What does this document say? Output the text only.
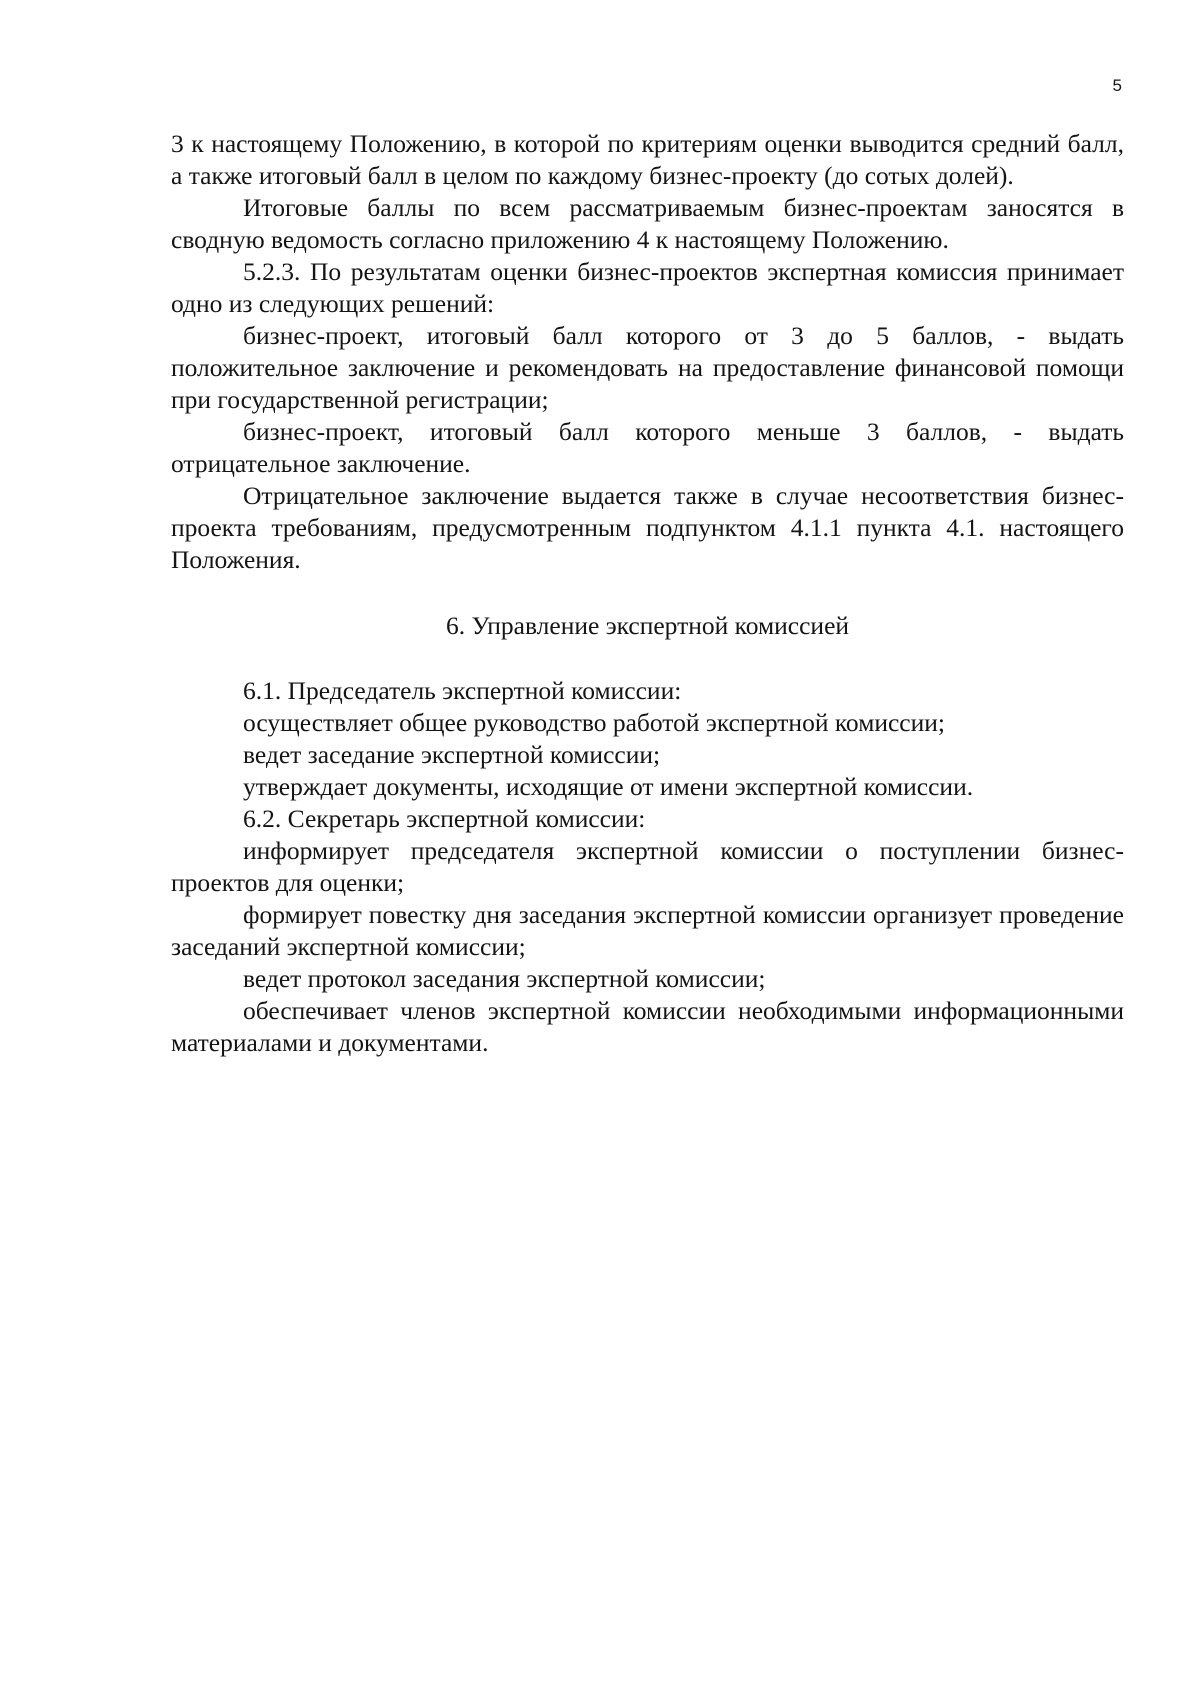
5

3 к настоящему Положению, в которой по критериям оценки выводится средний балл, а также итоговый балл в целом по каждому бизнес-проекту (до сотых долей).

Итоговые баллы по всем рассматриваемым бизнес-проектам заносятся в сводную ведомость согласно приложению 4 к настоящему Положению.

5.2.3. По результатам оценки бизнес-проектов экспертная комиссия принимает одно из следующих решений:

бизнес-проект, итоговый балл которого от 3 до 5 баллов, - выдать положительное заключение и рекомендовать на предоставление финансовой помощи при государственной регистрации;

бизнес-проект, итоговый балл которого меньше 3 баллов, - выдать отрицательное заключение.

Отрицательное заключение выдается также в случае несоответствия бизнес-проекта требованиям, предусмотренным подпунктом 4.1.1 пункта 4.1. настоящего Положения.

6. Управление экспертной комиссией

6.1. Председатель экспертной комиссии:

осуществляет общее руководство работой экспертной комиссии;

ведет заседание экспертной комиссии;

утверждает документы, исходящие от имени экспертной комиссии.

6.2. Секретарь экспертной комиссии:

информирует председателя экспертной комиссии о поступлении бизнес-проектов для оценки;

формирует повестку дня заседания экспертной комиссии организует проведение заседаний экспертной комиссии;

ведет протокол заседания экспертной комиссии;

обеспечивает членов экспертной комиссии необходимыми информационными материалами и документами.
